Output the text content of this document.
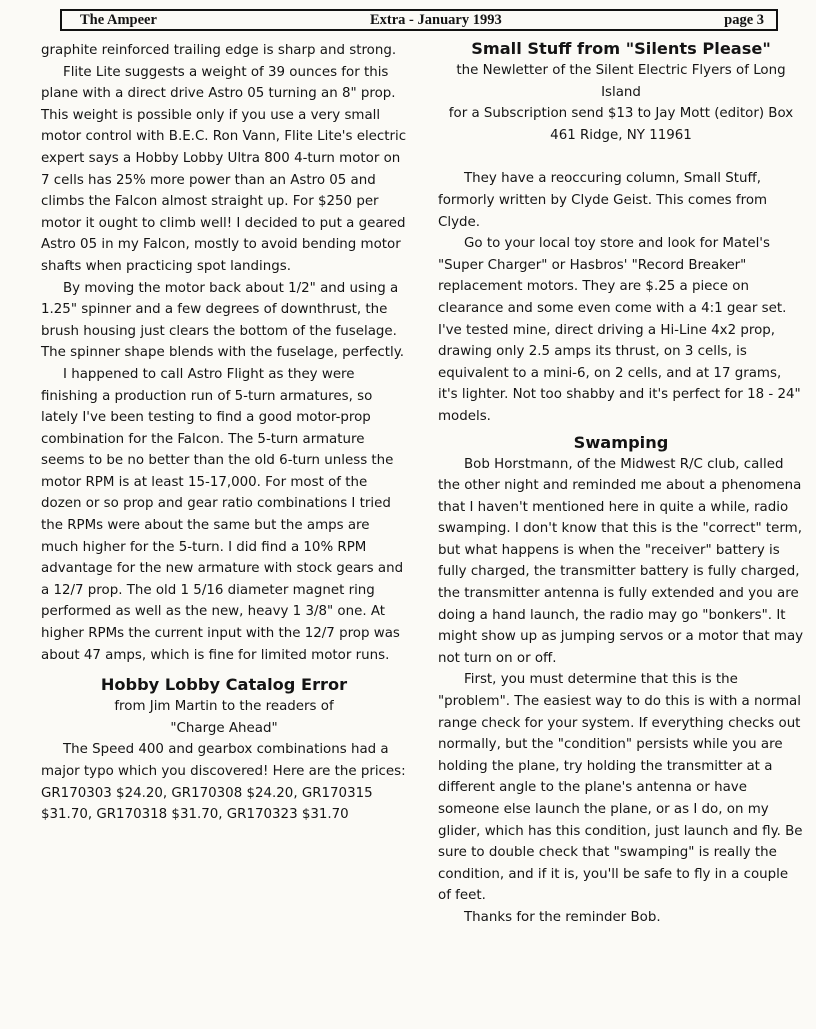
The Ampeer	Extra - January 1993	page 3

graphite reinforced trailing edge is sharp and strong.

Flite Lite suggests a weight of 39 ounces for this plane with a direct drive Astro 05 turning an 8" prop. This weight is possible only if you use a very small motor control with B.E.C. Ron Vann, Flite Lite's electric expert says a Hobby Lobby Ultra 800 4-turn motor on 7 cells has 25% more power than an Astro 05 and climbs the Falcon almost straight up. For $250 per motor it ought to climb well! I decided to put a geared Astro 05 in my Falcon, mostly to avoid bending motor shafts when practicing spot landings.

By moving the motor back about 1/2" and using a 1.25" spinner and a few degrees of downthrust, the brush housing just clears the bottom of the fuselage. The spinner shape blends with the fuselage, perfectly.

I happened to call Astro Flight as they were finishing a production run of 5-turn armatures, so lately I've been testing to find a good motor-prop combination for the Falcon. The 5-turn armature seems to be no better than the old 6-turn unless the motor RPM is at least 15-17,000. For most of the dozen or so prop and gear ratio combinations I tried the RPMs were about the same but the amps are much higher for the 5-turn. I did find a 10% RPM advantage for the new armature with stock gears and a 12/7 prop. The old 1 5/16 diameter magnet ring performed as well as the new, heavy 1 3/8" one. At higher RPMs the current input with the 12/7 prop was about 47 amps, which is fine for limited motor runs.

Hobby Lobby Catalog Error

from Jim Martin to the readers of

"Charge Ahead"

The Speed 400 and gearbox combinations had a major typo which you discovered! Here are the prices: GR170303 $24.20, GR170308 $24.20, GR170315 $31.70, GR170318 $31.70, GR170323 $31.70

Small Stuff from "Silents Please"

the Newletter of the Silent Electric Flyers of Long Island

for a Subscription send $13 to Jay Mott (editor) Box 461 Ridge, NY 11961

They have a reoccuring column, Small Stuff, formorly written by Clyde Geist. This comes from Clyde.

Go to your local toy store and look for Matel's "Super Charger" or Hasbros' "Record Breaker" replacement motors. They are $.25 a piece on clearance and some even come with a 4:1 gear set. I've tested mine, direct driving a Hi-Line 4x2 prop, drawing only 2.5 amps its thrust, on 3 cells, is equivalent to a mini-6, on 2 cells, and at 17 grams, it's lighter. Not too shabby and it's perfect for 18 - 24" models.

Swamping

Bob Horstmann, of the Midwest R/C club, called the other night and reminded me about a phenomena that I haven't mentioned here in quite a while, radio swamping. I don't know that this is the "correct" term, but what happens is when the "receiver" battery is fully charged, the transmitter battery is fully charged, the transmitter antenna is fully extended and you are doing a hand launch, the radio may go "bonkers". It might show up as jumping servos or a motor that may not turn on or off.

First, you must determine that this is the "problem". The easiest way to do this is with a normal range check for your system. If everything checks out normally, but the "condition" persists while you are holding the plane, try holding the transmitter at a different angle to the plane's antenna or have someone else launch the plane, or as I do, on my glider, which has this condition, just launch and fly. Be sure to double check that "swamping" is really the condition, and if it is, you'll be safe to fly in a couple of feet.

Thanks for the reminder Bob.
